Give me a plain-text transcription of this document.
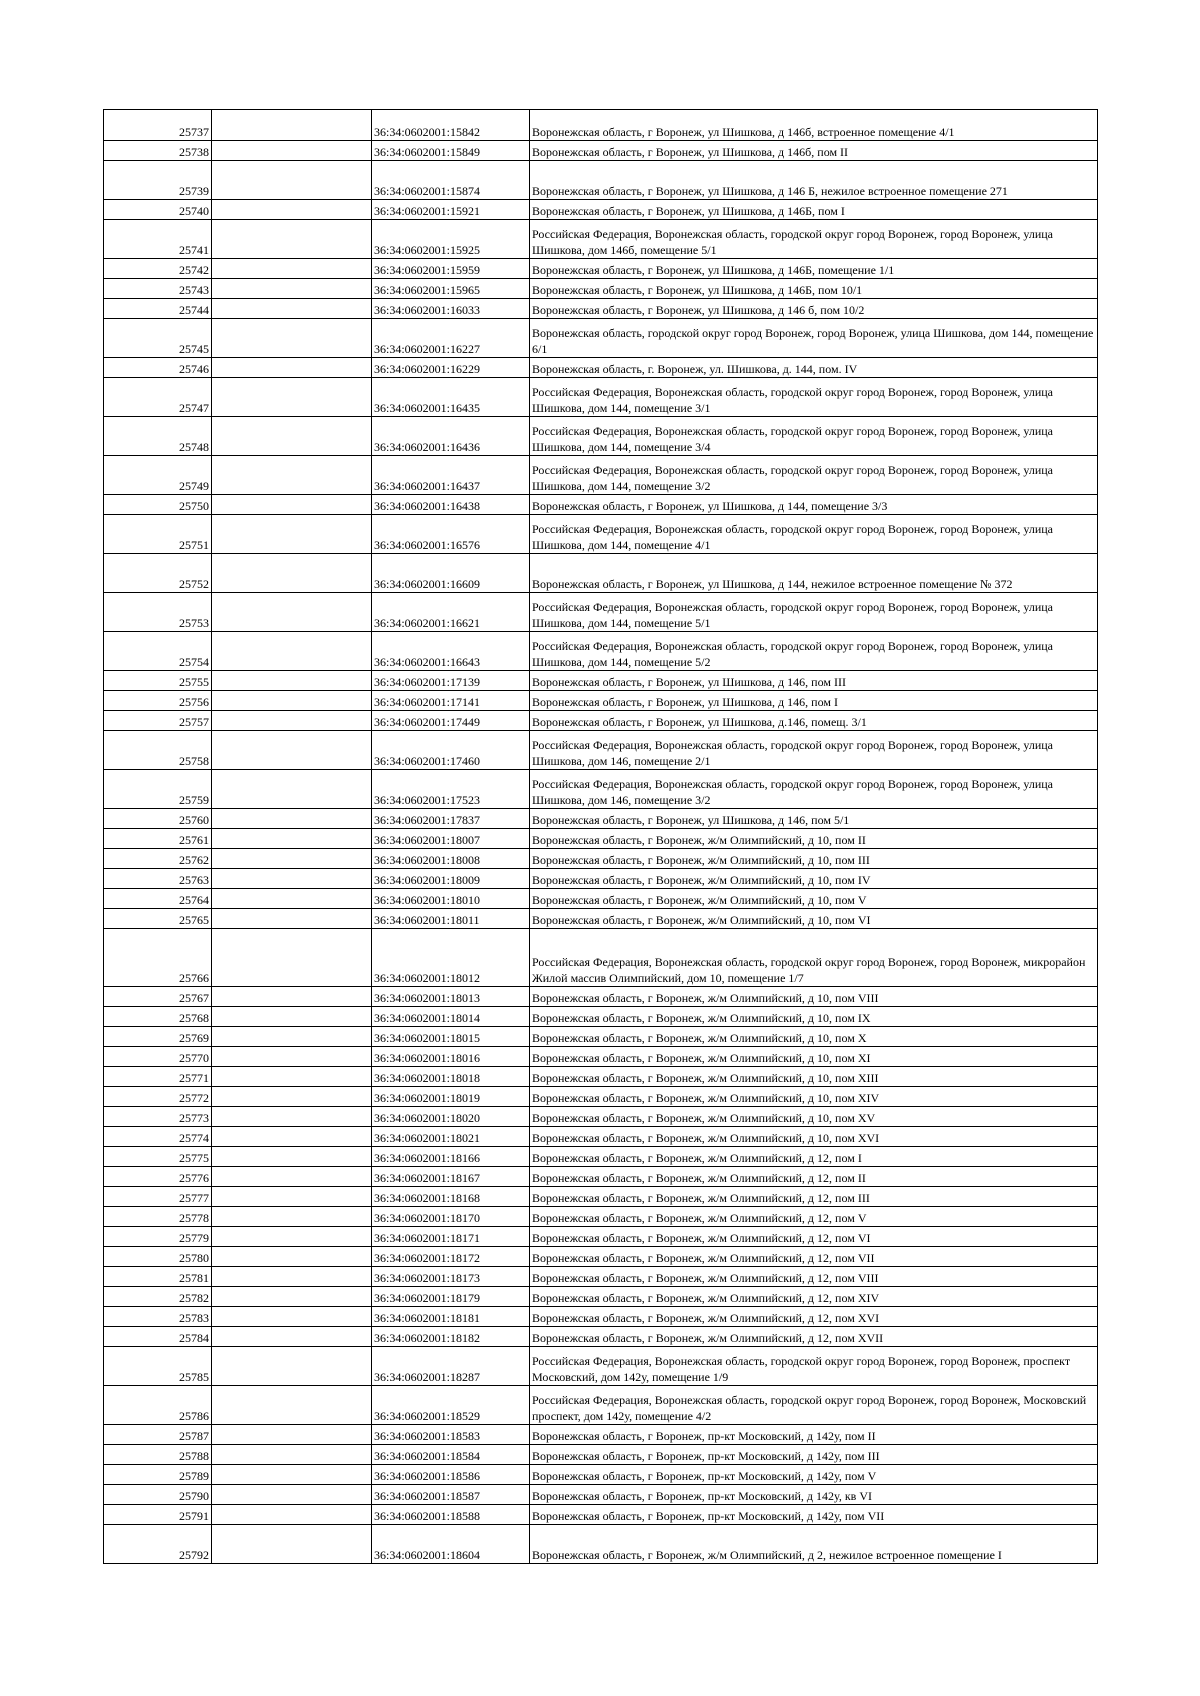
25737		36:34:0602001:15842	Воронежская область, г Воронеж, ул Шишкова, д 146б, встроенное помещение 4/1
25738		36:34:0602001:15849	Воронежская область, г Воронеж, ул Шишкова, д 146б, пом II
25739		36:34:0602001:15874	Воронежская область, г Воронеж, ул Шишкова, д 146 Б, нежилое встроенное помещение 271
25740		36:34:0602001:15921	Воронежская область, г Воронеж, ул Шишкова, д 146Б, пом I
25741		36:34:0602001:15925	Российская Федерация, Воронежская область, городской округ город Воронеж, город Воронеж, улица Шишкова, дом 146б, помещение 5/1
25742		36:34:0602001:15959	Воронежская область, г Воронеж, ул Шишкова, д 146Б, помещение 1/1
25743		36:34:0602001:15965	Воронежская область, г Воронеж, ул Шишкова, д 146Б, пом 10/1
25744		36:34:0602001:16033	Воронежская область, г Воронеж, ул Шишкова, д 146 б, пом 10/2
25745		36:34:0602001:16227	Воронежская область, городской округ город Воронеж, город Воронеж, улица Шишкова, дом 144, помещение 6/1
25746		36:34:0602001:16229	Воронежская область, г. Воронеж, ул. Шишкова, д. 144, пом. IV
25747		36:34:0602001:16435	Российская Федерация, Воронежская область, городской округ город Воронеж, город Воронеж, улица Шишкова, дом 144, помещение 3/1
25748		36:34:0602001:16436	Российская Федерация, Воронежская область, городской округ город Воронеж, город Воронеж, улица Шишкова, дом 144, помещение 3/4
25749		36:34:0602001:16437	Российская Федерация, Воронежская область, городской округ город Воронеж, город Воронеж, улица Шишкова, дом 144, помещение 3/2
25750		36:34:0602001:16438	Воронежская область, г Воронеж, ул Шишкова, д 144, помещение 3/3
25751		36:34:0602001:16576	Российская Федерация, Воронежская область, городской округ город Воронеж, город Воронеж, улица Шишкова, дом 144, помещение 4/1
25752		36:34:0602001:16609	Воронежская область, г Воронеж, ул Шишкова, д 144, нежилое встроенное помещение № 372
25753		36:34:0602001:16621	Российская Федерация, Воронежская область, городской округ город Воронеж, город Воронеж, улица Шишкова, дом 144, помещение 5/1
25754		36:34:0602001:16643	Российская Федерация, Воронежская область, городской округ город Воронеж, город Воронеж, улица Шишкова, дом 144, помещение 5/2
25755		36:34:0602001:17139	Воронежская область, г Воронеж, ул Шишкова, д 146, пом III
25756		36:34:0602001:17141	Воронежская область, г Воронеж, ул Шишкова, д 146, пом I
25757		36:34:0602001:17449	Воронежская область, г Воронеж, ул Шишкова, д.146, помещ. 3/1
25758		36:34:0602001:17460	Российская Федерация, Воронежская область, городской округ город Воронеж, город Воронеж, улица Шишкова, дом 146, помещение 2/1
25759		36:34:0602001:17523	Российская Федерация, Воронежская область, городской округ город Воронеж, город Воронеж, улица Шишкова, дом 146, помещение 3/2
25760		36:34:0602001:17837	Воронежская область, г Воронеж, ул Шишкова, д 146, пом 5/1
25761		36:34:0602001:18007	Воронежская область, г Воронеж, ж/м Олимпийский, д 10, пом II
25762		36:34:0602001:18008	Воронежская область, г Воронеж, ж/м Олимпийский, д 10, пом III
25763		36:34:0602001:18009	Воронежская область, г Воронеж, ж/м Олимпийский, д 10, пом IV
25764		36:34:0602001:18010	Воронежская область, г Воронеж, ж/м Олимпийский, д 10, пом V
25765		36:34:0602001:18011	Воронежская область, г Воронеж, ж/м Олимпийский, д 10, пом VI
25766		36:34:0602001:18012	Российская Федерация, Воронежская область, городской округ город Воронеж, город Воронеж, микрорайон Жилой массив Олимпийский, дом 10, помещение 1/7
25767		36:34:0602001:18013	Воронежская область, г Воронеж, ж/м Олимпийский, д 10, пом VIII
25768		36:34:0602001:18014	Воронежская область, г Воронеж, ж/м Олимпийский, д 10, пом IX
25769		36:34:0602001:18015	Воронежская область, г Воронеж, ж/м Олимпийский, д 10, пом X
25770		36:34:0602001:18016	Воронежская область, г Воронеж, ж/м Олимпийский, д 10, пом XI
25771		36:34:0602001:18018	Воронежская область, г Воронеж, ж/м Олимпийский, д 10, пом XIII
25772		36:34:0602001:18019	Воронежская область, г Воронеж, ж/м Олимпийский, д 10, пом XIV
25773		36:34:0602001:18020	Воронежская область, г Воронеж, ж/м Олимпийский, д 10, пом XV
25774		36:34:0602001:18021	Воронежская область, г Воронеж, ж/м Олимпийский, д 10, пом XVI
25775		36:34:0602001:18166	Воронежская область, г Воронеж, ж/м Олимпийский, д 12, пом I
25776		36:34:0602001:18167	Воронежская область, г Воронеж, ж/м Олимпийский, д 12, пом II
25777		36:34:0602001:18168	Воронежская область, г Воронеж, ж/м Олимпийский, д 12, пом III
25778		36:34:0602001:18170	Воронежская область, г Воронеж, ж/м Олимпийский, д 12, пом V
25779		36:34:0602001:18171	Воронежская область, г Воронеж, ж/м Олимпийский, д 12, пом VI
25780		36:34:0602001:18172	Воронежская область, г Воронеж, ж/м Олимпийский, д 12, пом VII
25781		36:34:0602001:18173	Воронежская область, г Воронеж, ж/м Олимпийский, д 12, пом VIII
25782		36:34:0602001:18179	Воронежская область, г Воронеж, ж/м Олимпийский, д 12, пом XIV
25783		36:34:0602001:18181	Воронежская область, г Воронеж, ж/м Олимпийский, д 12, пом XVI
25784		36:34:0602001:18182	Воронежская область, г Воронеж, ж/м Олимпийский, д 12, пом XVII
25785		36:34:0602001:18287	Российская Федерация, Воронежская область, городской округ город Воронеж, город Воронеж, проспект Московский, дом 142у, помещение 1/9
25786		36:34:0602001:18529	Российская Федерация, Воронежская область, городской округ город Воронеж, город Воронеж, Московский проспект, дом 142у, помещение 4/2
25787		36:34:0602001:18583	Воронежская область, г Воронеж, пр-кт Московский, д 142у, пом II
25788		36:34:0602001:18584	Воронежская область, г Воронеж, пр-кт Московский, д 142у, пом III
25789		36:34:0602001:18586	Воронежская область, г Воронеж, пр-кт Московский, д 142у, пом V
25790		36:34:0602001:18587	Воронежская область, г Воронеж, пр-кт Московский, д 142у, кв VI
25791		36:34:0602001:18588	Воронежская область, г Воронеж, пр-кт Московский, д 142у, пом VII
25792		36:34:0602001:18604	Воронежская область, г Воронеж, ж/м Олимпийский, д 2, нежилое встроенное помещение I
